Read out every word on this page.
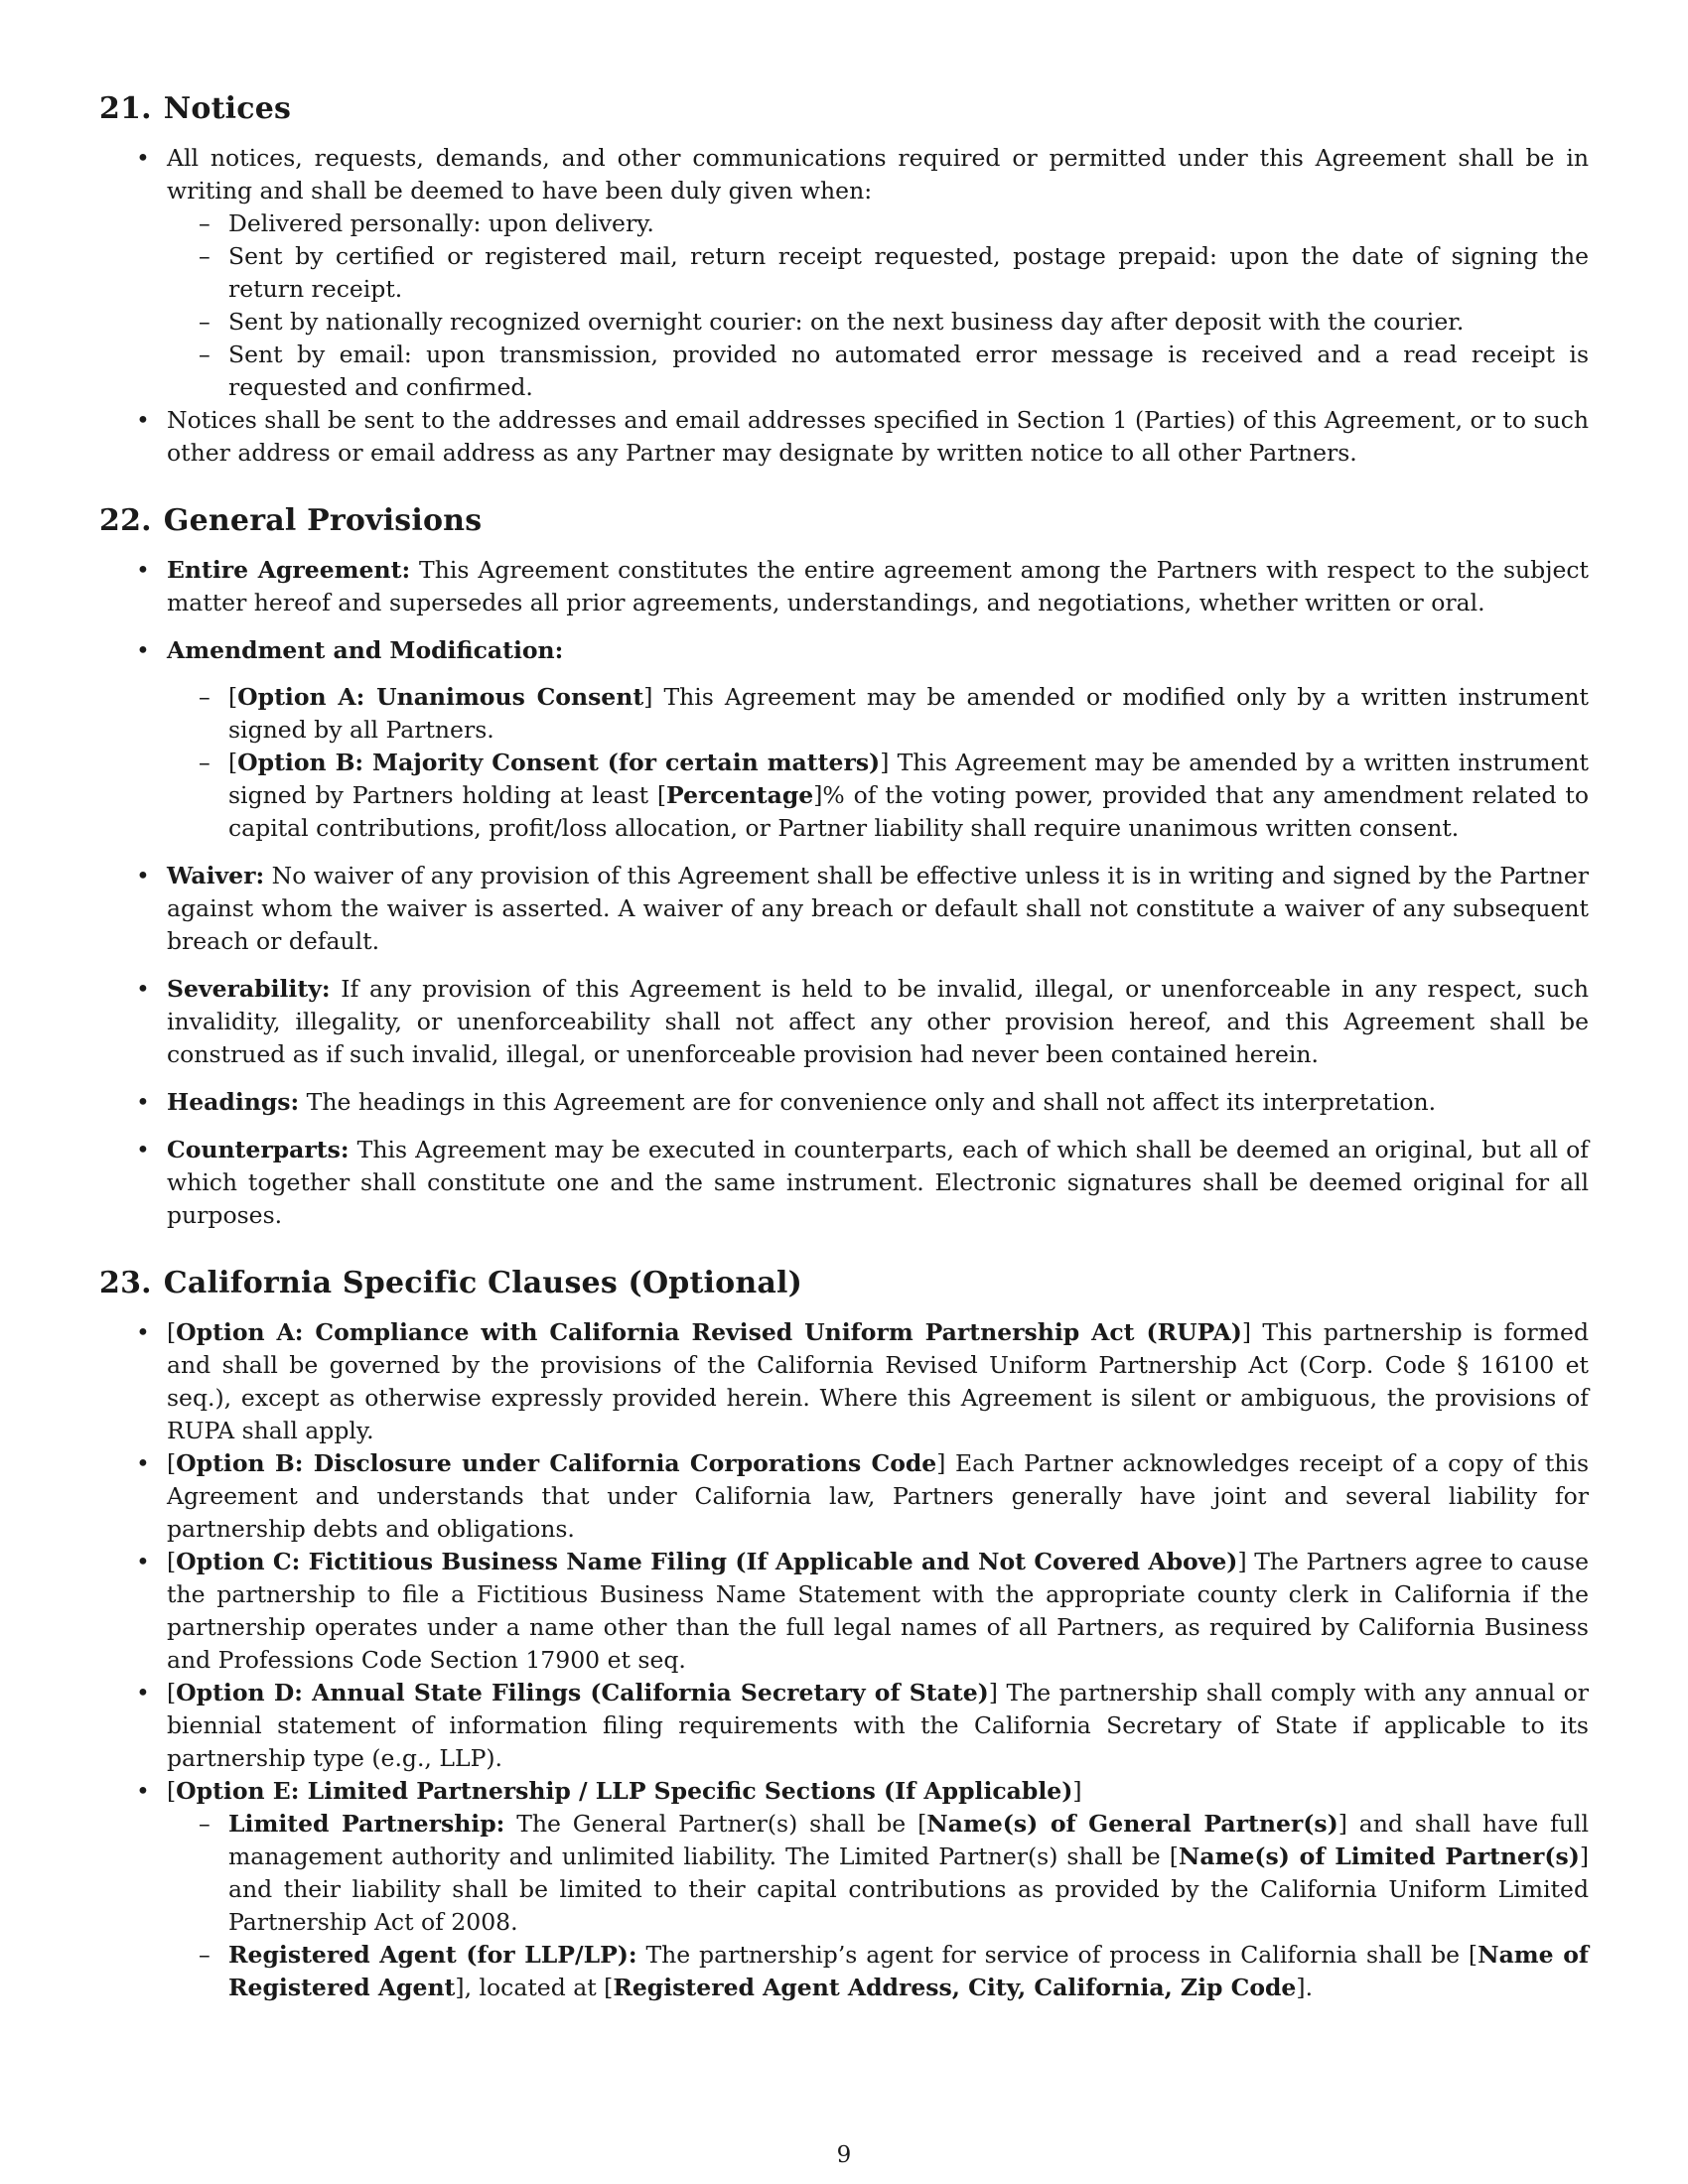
21. Notices
• All notices, requests, demands, and other communications required or permitted under this Agreement shall be in writing and shall be deemed to have been duly given when:
– Delivered personally: upon delivery.
– Sent by certified or registered mail, return receipt requested, postage prepaid: upon the date of signing the return receipt.
– Sent by nationally recognized overnight courier: on the next business day after deposit with the courier.
– Sent by email: upon transmission, provided no automated error message is received and a read receipt is requested and confirmed.
• Notices shall be sent to the addresses and email addresses specified in Section 1 (Parties) of this Agreement, or to such other address or email address as any Partner may designate by written notice to all other Partners.
22. General Provisions
• Entire Agreement: This Agreement constitutes the entire agreement among the Partners with respect to the subject matter hereof and supersedes all prior agreements, understandings, and negotiations, whether written or oral.
• Amendment and Modification:
– [Option A: Unanimous Consent] This Agreement may be amended or modified only by a written instrument signed by all Partners.
– [Option B: Majority Consent (for certain matters)] This Agreement may be amended by a written instrument signed by Partners holding at least [Percentage]% of the voting power, provided that any amendment related to capital contributions, profit/loss allocation, or Partner liability shall require unanimous written consent.
• Waiver: No waiver of any provision of this Agreement shall be effective unless it is in writing and signed by the Partner against whom the waiver is asserted. A waiver of any breach or default shall not constitute a waiver of any subsequent breach or default.
• Severability: If any provision of this Agreement is held to be invalid, illegal, or unenforceable in any respect, such invalidity, illegality, or unenforceability shall not affect any other provision hereof, and this Agreement shall be construed as if such invalid, illegal, or unenforceable provision had never been contained herein.
• Headings: The headings in this Agreement are for convenience only and shall not affect its interpretation.
• Counterparts: This Agreement may be executed in counterparts, each of which shall be deemed an original, but all of which together shall constitute one and the same instrument. Electronic signatures shall be deemed original for all purposes.
23. California Specific Clauses (Optional)
• [Option A: Compliance with California Revised Uniform Partnership Act (RUPA)] This partnership is formed and shall be governed by the provisions of the California Revised Uniform Partnership Act (Corp. Code § 16100 et seq.), except as otherwise expressly provided herein. Where this Agreement is silent or ambiguous, the provisions of RUPA shall apply.
• [Option B: Disclosure under California Corporations Code] Each Partner acknowledges receipt of a copy of this Agreement and understands that under California law, Partners generally have joint and several liability for partnership debts and obligations.
• [Option C: Fictitious Business Name Filing (If Applicable and Not Covered Above)] The Partners agree to cause the partnership to file a Fictitious Business Name Statement with the appropriate county clerk in California if the partnership operates under a name other than the full legal names of all Partners, as required by California Business and Professions Code Section 17900 et seq.
• [Option D: Annual State Filings (California Secretary of State)] The partnership shall comply with any annual or biennial statement of information filing requirements with the California Secretary of State if applicable to its partnership type (e.g., LLP).
• [Option E: Limited Partnership / LLP Specific Sections (If Applicable)]
– Limited Partnership: The General Partner(s) shall be [Name(s) of General Partner(s)] and shall have full management authority and unlimited liability. The Limited Partner(s) shall be [Name(s) of Limited Partner(s)] and their liability shall be limited to their capital contributions as provided by the California Uniform Limited Partnership Act of 2008.
– Registered Agent (for LLP/LP): The partnership’s agent for service of process in California shall be [Name of Registered Agent], located at [Registered Agent Address, City, California, Zip Code].
9
